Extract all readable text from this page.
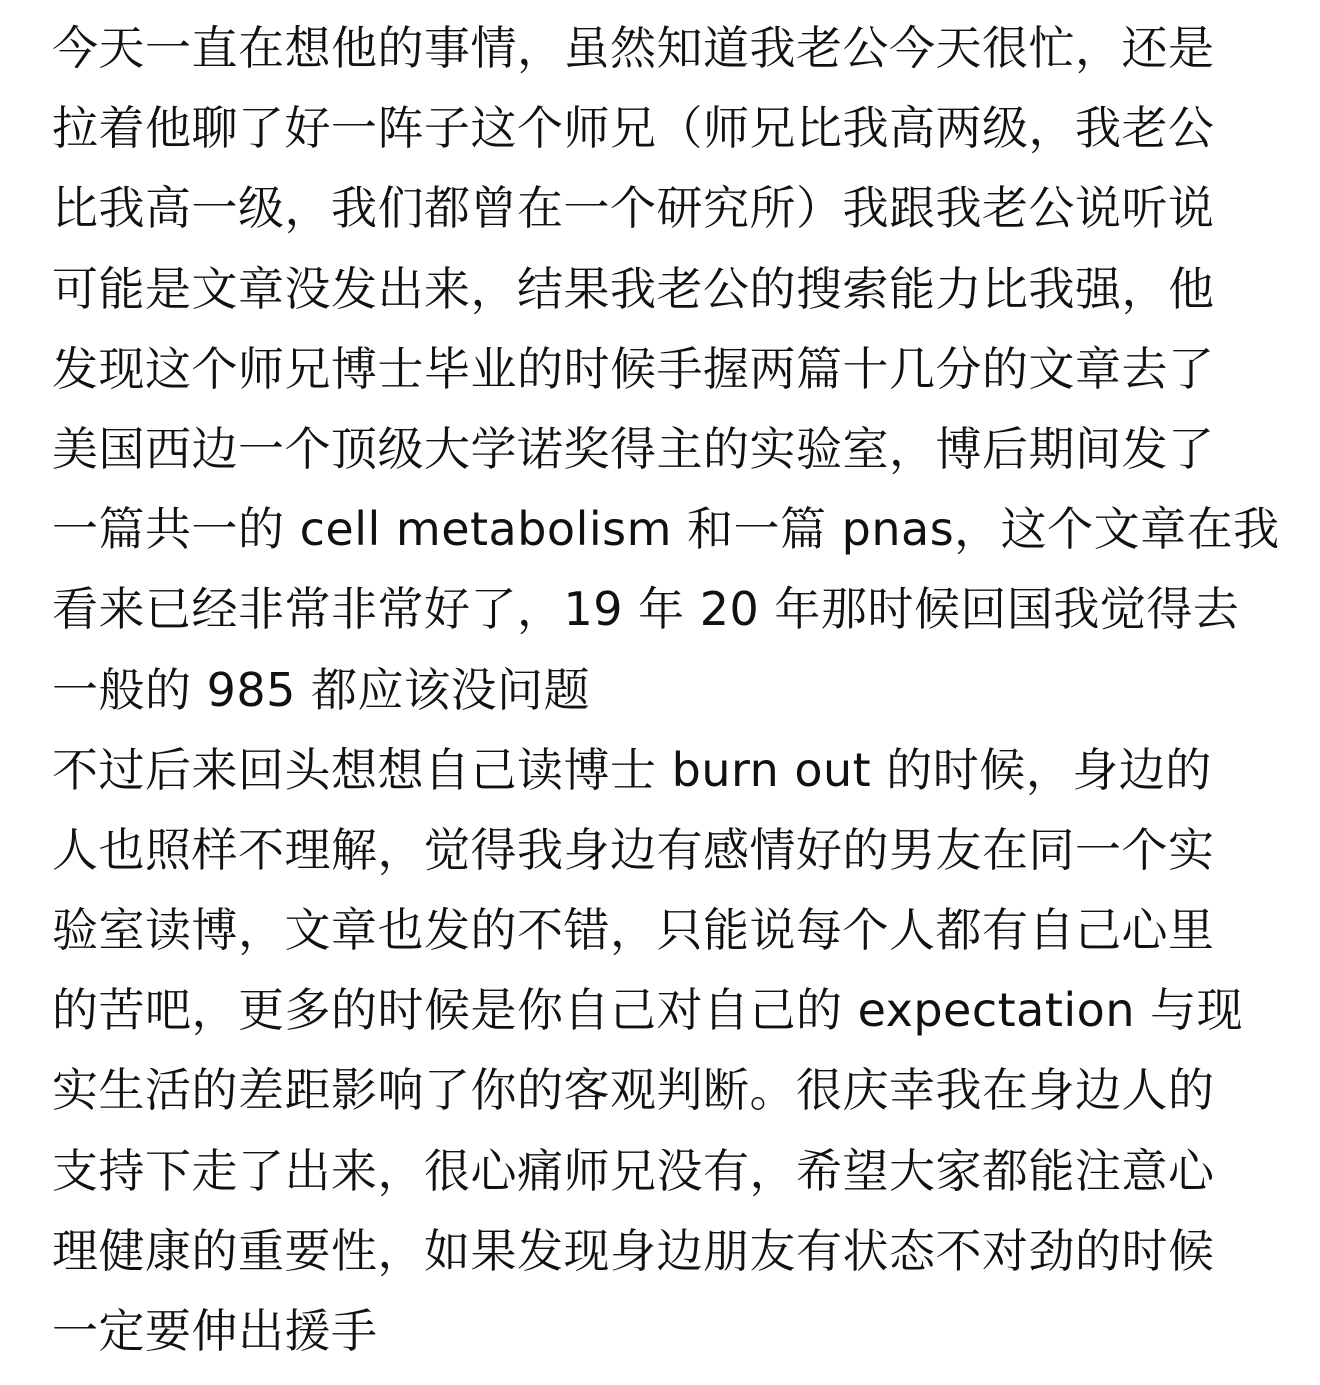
今天一直在想他的事情，虽然知道我老公今天很忙，还是
拉着他聊了好一阵子这个师兄（师兄比我高两级，我老公
比我高一级，我们都曾在一个研究所）我跟我老公说听说
可能是文章没发出来，结果我老公的搜索能力比我强，他
发现这个师兄博士毕业的时候手握两篇十几分的文章去了
美国西边一个顶级大学诺奖得主的实验室，博后期间发了
一篇共一的 cell metabolism 和一篇 pnas，这个文章在我
看来已经非常非常好了，19 年 20 年那时候回国我觉得去
一般的 985 都应该没问题
不过后来回头想想自己读博士 burn out 的时候，身边的
人也照样不理解，觉得我身边有感情好的男友在同一个实
验室读博，文章也发的不错，只能说每个人都有自己心里
的苦吧，更多的时候是你自己对自己的 expectation 与现
实生活的差距影响了你的客观判断。很庆幸我在身边人的
支持下走了出来，很心痛师兄没有，希望大家都能注意心
理健康的重要性，如果发现身边朋友有状态不对劲的时候
一定要伸出援手
